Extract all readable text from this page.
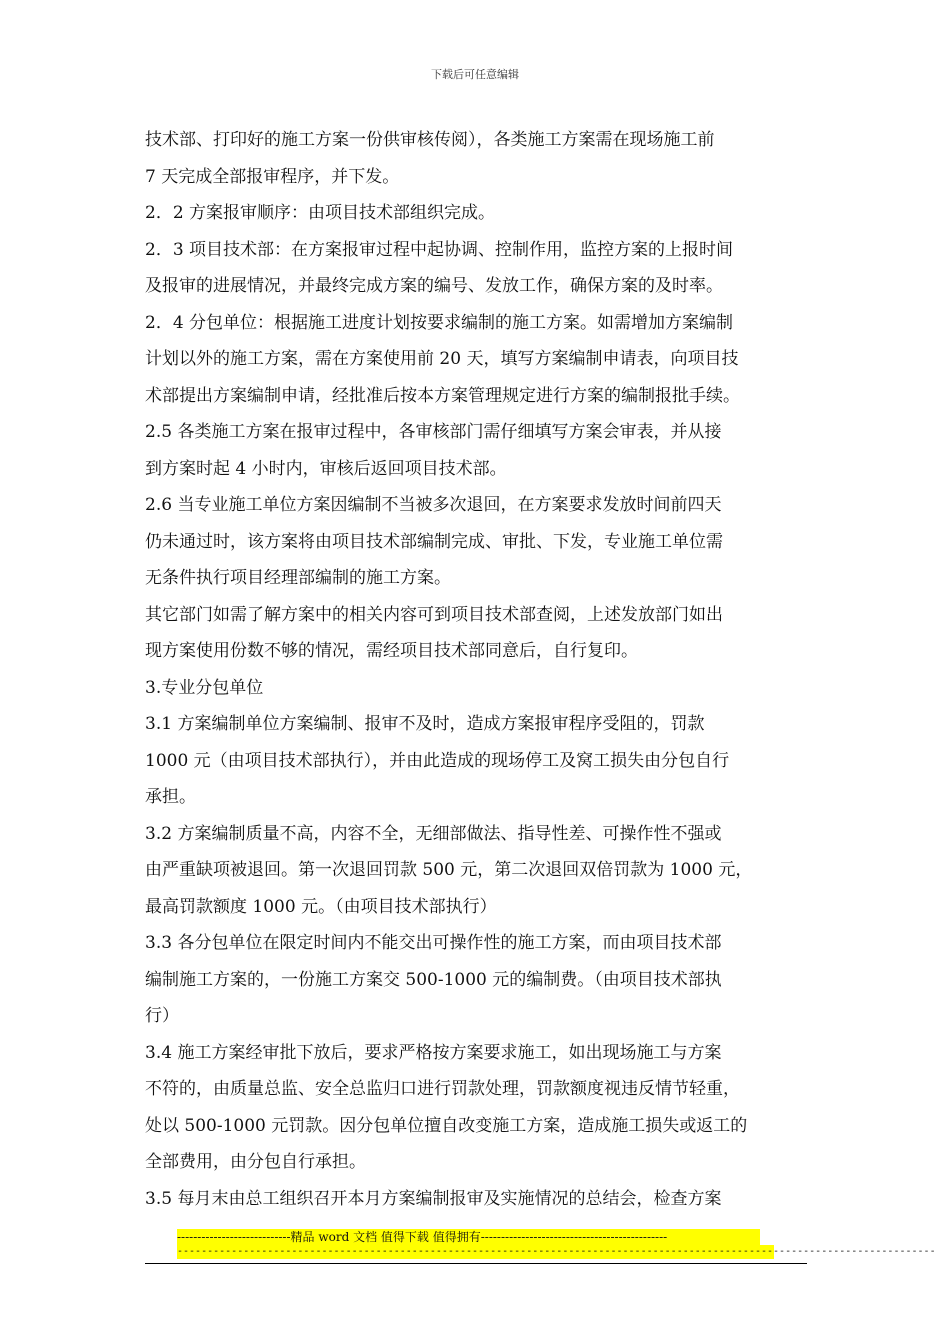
下载后可任意编辑
技术部、打印好的施工方案一份供审核传阅），各类施工方案需在现场施工前
7 天完成全部报审程序，并下发。
2．2 方案报审顺序：由项目技术部组织完成。
2．3 项目技术部：在方案报审过程中起协调、控制作用，监控方案的上报时间
及报审的进展情况，并最终完成方案的编号、发放工作，确保方案的及时率。
2．4 分包单位：根据施工进度计划按要求编制的施工方案。如需增加方案编制
计划以外的施工方案，需在方案使用前 20 天，填写方案编制申请表，向项目技
术部提出方案编制申请，经批准后按本方案管理规定进行方案的编制报批手续。
2.5 各类施工方案在报审过程中，各审核部门需仔细填写方案会审表，并从接
到方案时起 4 小时内，审核后返回项目技术部。
2.6 当专业施工单位方案因编制不当被多次退回，在方案要求发放时间前四天
仍未通过时，该方案将由项目技术部编制完成、审批、下发，专业施工单位需
无条件执行项目经理部编制的施工方案。
其它部门如需了解方案中的相关内容可到项目技术部查阅，上述发放部门如出
现方案使用份数不够的情况，需经项目技术部同意后，自行复印。
3.专业分包单位
3.1 方案编制单位方案编制、报审不及时，造成方案报审程序受阻的，罚款
1000 元（由项目技术部执行），并由此造成的现场停工及窝工损失由分包自行
承担。
3.2 方案编制质量不高，内容不全，无细部做法、指导性差、可操作性不强或
由严重缺项被退回。第一次退回罚款 500 元，第二次退回双倍罚款为 1000 元，
最高罚款额度 1000 元。（由项目技术部执行）
3.3 各分包单位在限定时间内不能交出可操作性的施工方案，而由项目技术部
编制施工方案的，一份施工方案交 500-1000 元的编制费。（由项目技术部执
行）
3.4 施工方案经审批下放后，要求严格按方案要求施工，如出现场施工与方案
不符的，由质量总监、安全总监归口进行罚款处理，罚款额度视违反情节轻重，
处以 500-1000 元罚款。因分包单位擅自改变施工方案，造成施工损失或返工的
全部费用，由分包自行承担。
3.5 每月末由总工组织召开本月方案编制报审及实施情况的总结会，检查方案
----------------------------精品 word 文档 值得下载 值得拥有----------------------------------------------
------------------------------------------------------------------------------------------------------------------------------
